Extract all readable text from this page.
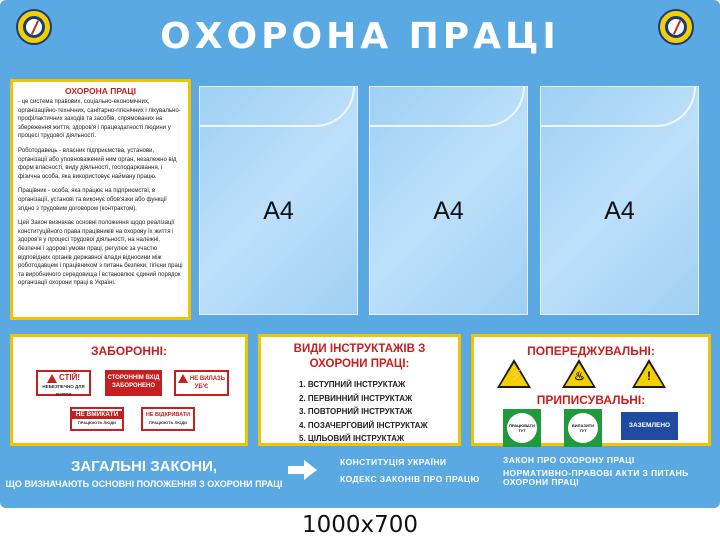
ОХОРОНА ПРАЦІ
ОХОРОНА ПРАЦІ

- це система правових, соціально-економічних, організаційно-технічних, санітарно-гігієнічних і лікувально-профілактичних заходів та засобів, спрямованих на збереження життя, здоров'я і працездатності людини у процесі трудової діяльності.

Роботодавець - власник підприємства, установи, організації або уповноважений ним орган, незалежно від форм власності, виду діяльності, господарювання, і фізична особа, яка використовує найману працю.

Працівник - особа, яка працює на підприємстві, в організації, установі та виконує обов'язки або функції згідно з трудовим договором (контрактом).

Цей Закон визначає основні положення щодо реалізації конституційного права працівників на охорону їх життя і здоров'я у процесі трудової діяльності, на належні, безпечні і здорові умови праці, регулює за участю відповідних органів державної влади відносини між роботодавцем і працівником з питань безпеки, гігієни праці та виробничого середовища і встановлює єдиний порядок організації охорони праці в Україні.

A4	A4	A4
ЗАБОРОННІ:
СТІЙ!
НЕБЕЗПЕЧНО ДЛЯ ЖИТТЯ
СТОРОННІМ ВХІД ЗАБОРОНЕНО
НЕ ВИЛАЗЬ
УБ'Є
НЕ ВМИКАТИ
ПРАЦЮЮТЬ ЛЮДИ
НЕ ВІДКРИВАТИ
ПРАЦЮЮТЬ ЛЮДИ
ВИДИ ІНСТРУКТАЖІВ З ОХОРОНИ ПРАЦІ:
1. ВСТУПНИЙ ІНСТРУКТАЖ
2. ПЕРВИННИЙ ІНСТРУКТАЖ
3. ПОВТОРНИЙ ІНСТРУКТАЖ
4. ПОЗАЧЕРГОВИЙ ІНСТРУКТАЖ
5. ЦІЛЬОВИЙ ІНСТРУКТАЖ
ПОПЕРЕДЖУВАЛЬНІ:
⚡	♨	!
ПРИПИСУВАЛЬНІ:
ПРАЦЮВАТИ ТУТ
ВИЛАЗИТИ ТУТ
ЗАЗЕМЛЕНО
ЗАГАЛЬНІ ЗАКОНИ,
ЩО ВИЗНАЧАЮТЬ ОСНОВНІ ПОЛОЖЕННЯ З ОХОРОНИ ПРАЦІ
КОНСТИТУЦІЯ УКРАЇНИ
КОДЕКС ЗАКОНІВ ПРО ПРАЦЮ
ЗАКОН ПРО ОХОРОНУ ПРАЦІ
НОРМАТИВНО-ПРАВОВІ АКТИ З ПИТАНЬ ОХОРОНИ ПРАЦІ
1000x700
